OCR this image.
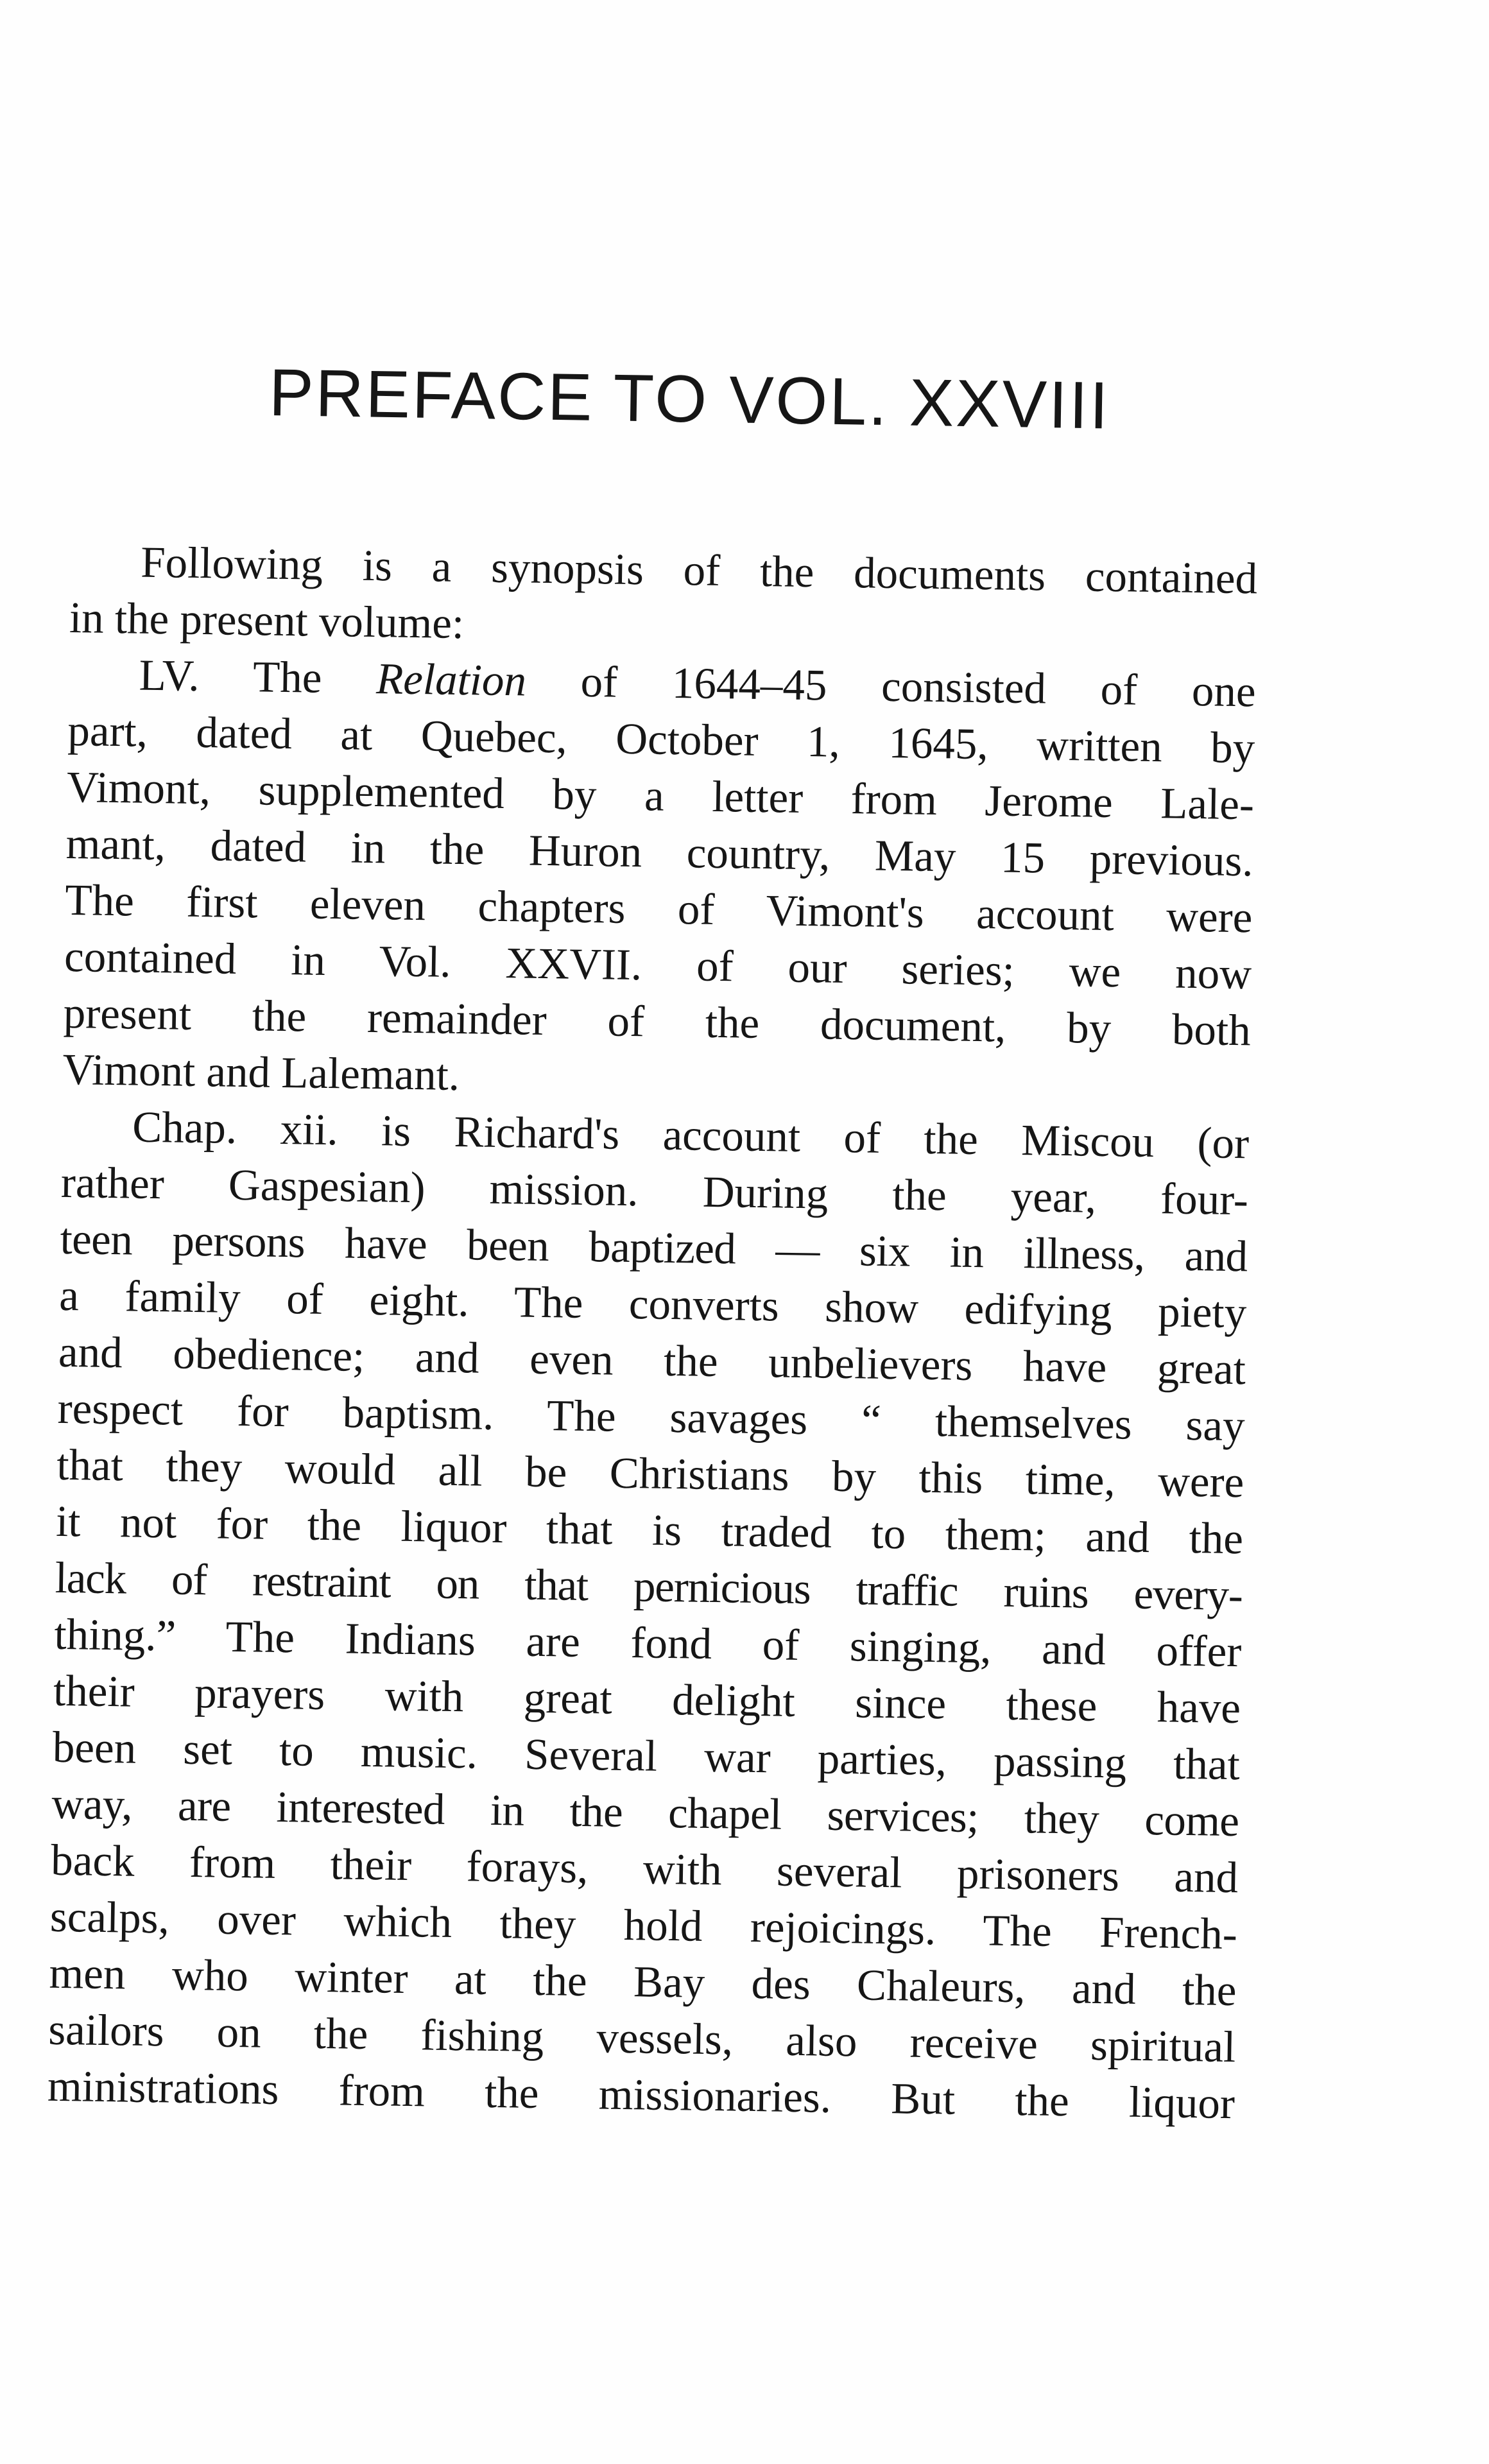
PREFACE TO VOL. XXVIII
Following is a synopsis of the documents contained
in the present volume:
LV. The Relation of 1644–45 consisted of one
part, dated at Quebec, October 1, 1645, written by
Vimont, supplemented by a letter from Jerome Lale-
mant, dated in the Huron country, May 15 previous.
The first eleven chapters of Vimont's account were
contained in Vol. XXVII. of our series; we now
present the remainder of the document, by both
Vimont and Lalemant.
Chap. xii. is Richard's account of the Miscou (or
rather Gaspesian) mission. During the year, four-
teen persons have been baptized — six in illness, and
a family of eight. The converts show edifying piety
and obedience; and even the unbelievers have great
respect for baptism. The savages “ themselves say
that they would all be Christians by this time, were
it not for the liquor that is traded to them; and the
lack of restraint on that pernicious traffic ruins every-
thing.” The Indians are fond of singing, and offer
their prayers with great delight since these have
been set to music. Several war parties, passing that
way, are interested in the chapel services; they come
back from their forays, with several prisoners and
scalps, over which they hold rejoicings. The French-
men who winter at the Bay des Chaleurs, and the
sailors on the fishing vessels, also receive spiritual
ministrations from the missionaries. But the liquor
